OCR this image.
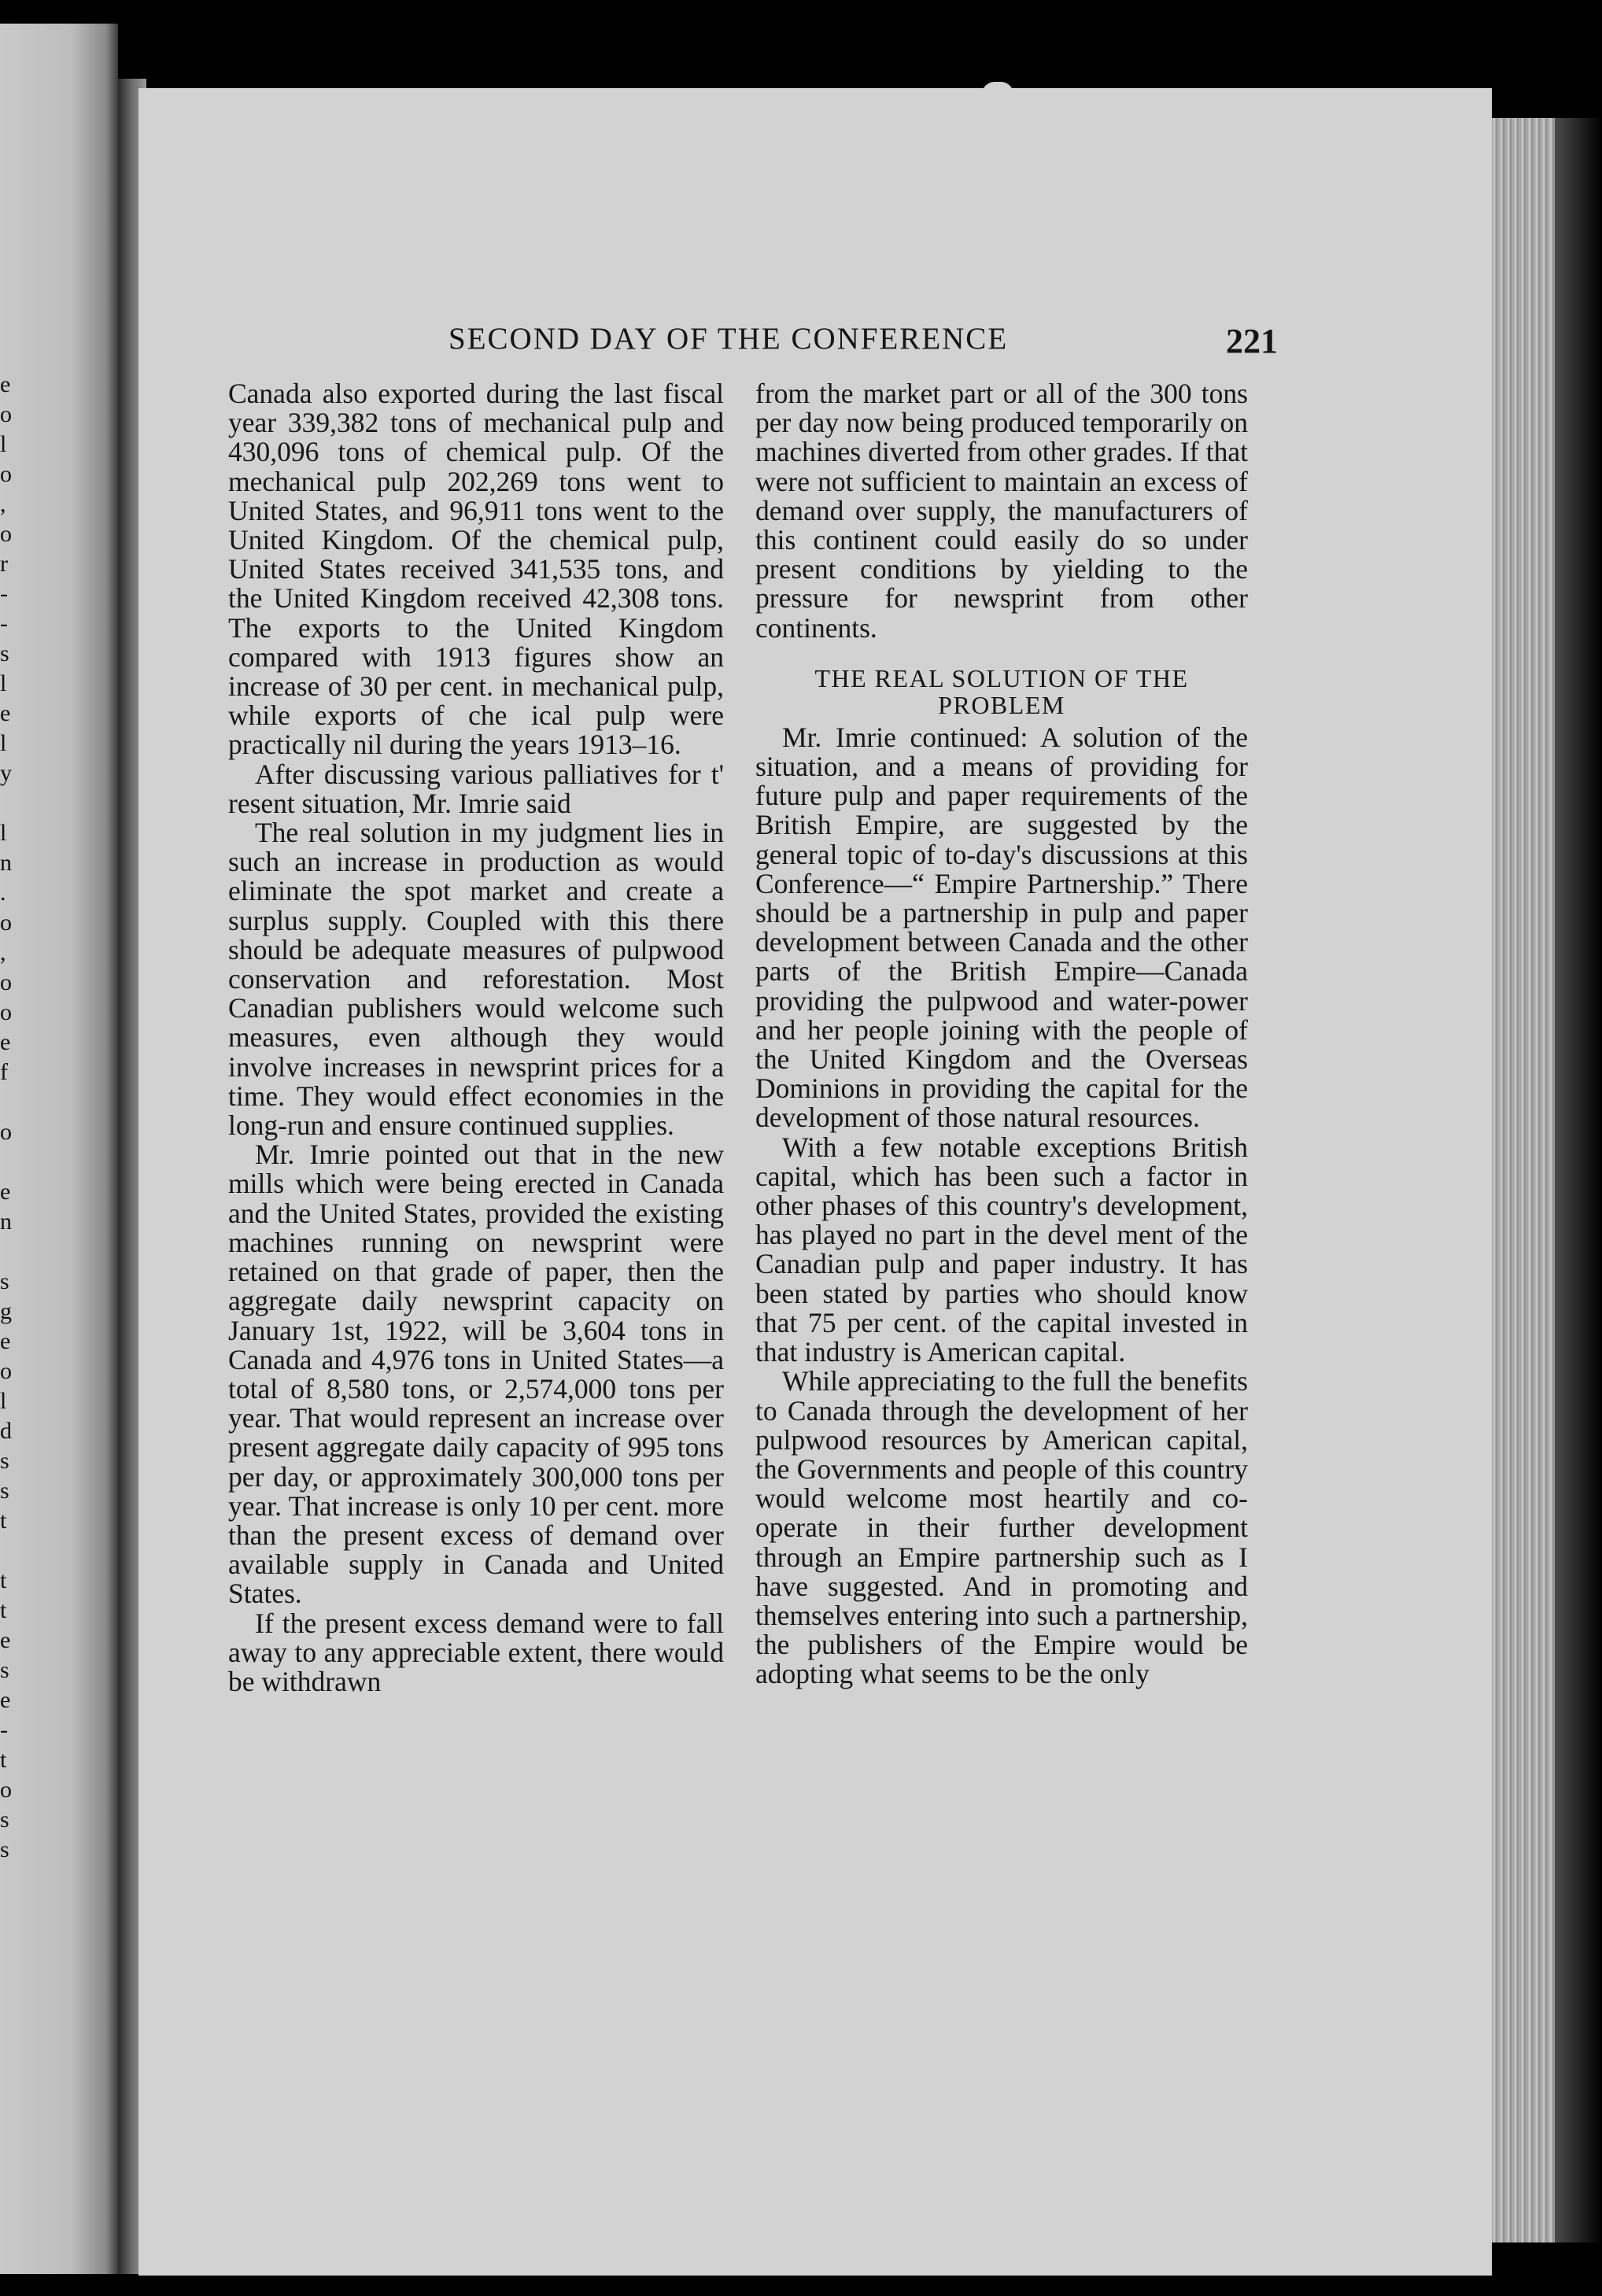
e
o
l
o
,
o
r
-
-
s
l
e
l
y
l
n
.
o
,
o
o
e
f
o
e
n
s
g
e
o
l
d
s
s
t
t
t
e
s
e
-
t
o
s
s
SECOND DAY OF THE CONFERENCE	221

Canada also exported during the last fiscal year 339,382 tons of mechanical pulp and 430,096 tons of chemical pulp. Of the mechanical pulp 202,269 tons went to United States, and 96,911 tons went to the United Kingdom. Of the chemical pulp, United States received 341,535 tons, and the United Kingdom received 42,308 tons. The exports to the United Kingdom compared with 1913 figures show an increase of 30 per cent. in mechanical pulp, while exports of che ical pulp were practically nil during the years 1913–16.

After discussing various palliatives for t' resent situation, Mr. Imrie said

The real solution in my judgment lies in such an increase in production as would eliminate the spot market and create a surplus supply. Coupled with this there should be adequate measures of pulpwood conservation and reforestation. Most Canadian publishers would welcome such measures, even although they would involve increases in newsprint prices for a time. They would effect economies in the long-run and ensure continued supplies.

Mr. Imrie pointed out that in the new mills which were being erected in Canada and the United States, provided the existing machines running on newsprint were retained on that grade of paper, then the aggregate daily newsprint capacity on January 1st, 1922, will be 3,604 tons in Canada and 4,976 tons in United States—a total of 8,580 tons, or 2,574,000 tons per year. That would represent an increase over present aggregate daily capacity of 995 tons per day, or approximately 300,000 tons per year. That increase is only 10 per cent. more than the present excess of demand over available supply in Canada and United States.

If the present excess demand were to fall away to any appreciable extent, there would be withdrawn

from the market part or all of the 300 tons per day now being produced temporarily on machines diverted from other grades. If that were not sufficient to maintain an excess of demand over supply, the manufacturers of this continent could easily do so under present conditions by yielding to the pressure for newsprint from other continents.

THE REAL SOLUTION OF THE PROBLEM

Mr. Imrie continued: A solution of the situation, and a means of providing for future pulp and paper requirements of the British Empire, are suggested by the general topic of to-day's discussions at this Conference—“ Empire Partnership.” There should be a partnership in pulp and paper development between Canada and the other parts of the British Empire—Canada providing the pulpwood and water-power and her people joining with the people of the United Kingdom and the Overseas Dominions in providing the capital for the development of those natural resources.

With a few notable exceptions British capital, which has been such a factor in other phases of this country's development, has played no part in the devel ment of the Canadian pulp and paper industry. It has been stated by parties who should know that 75 per cent. of the capital invested in that industry is American capital.

While appreciating to the full the benefits to Canada through the development of her pulpwood resources by American capital, the Governments and people of this country would welcome most heartily and co-operate in their further development through an Empire partnership such as I have suggested. And in promoting and themselves entering into such a partnership, the publishers of the Empire would be adopting what seems to be the only
